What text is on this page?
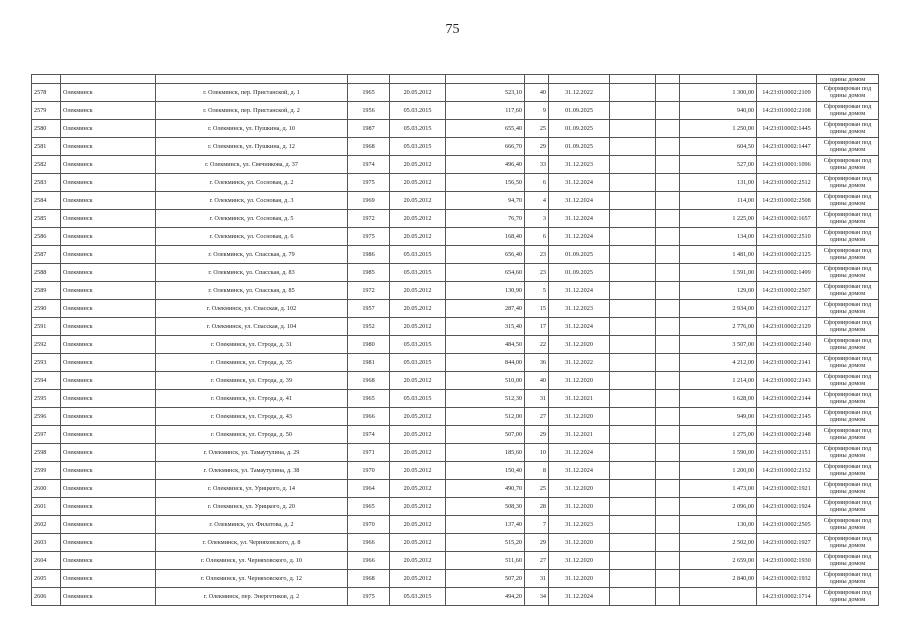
75
												одины домом
2578	Олекминск	г. Олекминск, пер. Пристанской, д. 1	1965	20.05.2012	523,10	40	31.12.2022			1 300,00	14:23:010002:2109	Сформирован под одины домом
2579	Олекминск	г. Олекминск, пер. Пристанской, д. 2	1956	05.03.2015	117,60	9	01.09.2025			940,00	14:23:010002:2108	Сформирован под одины домом
2580	Олекминск	г. Олекминск, ул. Пушкина, д. 10	1987	05.03.2015	655,40	25	01.09.2025			1 250,00	14:23:010002:1445	Сформирован под одины домом
2581	Олекминск	г. Олекминск, ул. Пушкина, д. 12	1968	05.03.2015	666,70	29	01.09.2025			604,50	14:23:010002:1447	Сформирован под одины домом
2582	Олекминск	г. Олекминск, ул. Свечникова, д. 37	1974	20.05.2012	496,40	33	31.12.2023			527,00	14:23:010001:1096	Сформирован под одины домом
2583	Олекминск	г. Олекминск, ул. Сосновая, д. 2	1975	20.05.2012	156,50	6	31.12.2024			131,00	14:23:010002:2512	Сформирован под одины домом
2584	Олекминск	г. Олекминск, ул. Сосновая, д. 3	1969	20.05.2012	94,70	4	31.12.2024			114,00	14:23:010002:2508	Сформирован под одины домом
2585	Олекминск	г. Олекминск, ул. Сосновая, д. 5	1972	20.05.2012	76,70	3	31.12.2024			1 225,00	14:23:010002:1657	Сформирован под одины домом
2586	Олекминск	г. Олекминск, ул. Сосновая, д. 6	1975	20.05.2012	168,40	6	31.12.2024			134,00	14:23:010002:2510	Сформирован под одины домом
2587	Олекминск	г. Олекминск, ул. Спасская, д. 79	1986	05.03.2015	656,40	23	01.09.2025			1 481,00	14:23:010002:2125	Сформирован под одины домом
2588	Олекминск	г. Олекминск, ул. Спасская, д. 83	1985	05.03.2015	654,60	23	01.09.2025			1 591,00	14:23:010002:1499	Сформирован под одины домом
2589	Олекминск	г. Олекминск, ул. Спасская, д. 85	1972	20.05.2012	130,90	5	31.12.2024			129,00	14:23:010002:2507	Сформирован под одины домом
2590	Олекминск	г. Олекминск, ул. Спасская, д. 102	1957	20.05.2012	287,40	15	31.12.2023			2 934,00	14:23:010002:2127	Сформирован под одины домом
2591	Олекминск	г. Олекминск, ул. Спасская, д. 104	1952	20.05.2012	315,40	17	31.12.2024			2 776,00	14:23:010002:2129	Сформирован под одины домом
2592	Олекминск	г. Олекминск, ул. Строда, д. 31	1980	05.03.2015	484,50	22	31.12.2020			3 507,00	14:23:010002:2140	Сформирован под одины домом
2593	Олекминск	г. Олекминск, ул. Строда, д. 35	1981	05.03.2015	844,00	36	31.12.2022			4 212,00	14:23:010002:2141	Сформирован под одины домом
2594	Олекминск	г. Олекминск, ул. Строда, д. 39	1968	20.05.2012	510,00	40	31.12.2020			1 214,00	14:23:010002:2143	Сформирован под одины домом
2595	Олекминск	г. Олекминск, ул. Строда, д. 41	1965	05.03.2015	512,30	31	31.12.2021			1 628,00	14:23:010002:2144	Сформирован под одины домом
2596	Олекминск	г. Олекминск, ул. Строда, д. 43	1966	20.05.2012	512,00	27	31.12.2020			949,00	14:23:010002:2145	Сформирован под одины домом
2597	Олекминск	г. Олекминск, ул. Строда, д. 50	1974	20.05.2012	507,00	29	31.12.2021			1 275,00	14:23:010002:2148	Сформирован под одины домом
2598	Олекминск	г. Олекминск, ул. Тамаутулина, д. 29	1971	20.05.2012	185,60	10	31.12.2024			1 590,00	14:23:010002:2151	Сформирован под одины домом
2599	Олекминск	г. Олекминск, ул. Тамаутулина, д. 38	1970	20.05.2012	150,40	8	31.12.2024			1 200,00	14:23:010002:2152	Сформирован под одины домом
2600	Олекминск	г. Олекминск, ул. Урицкого, д. 14	1964	20.05.2012	490,70	25	31.12.2020			1 473,00	14:23:010002:1921	Сформирован под одины домом
2601	Олекминск	г. Олекминск, ул. Урицкого, д. 20	1965	20.05.2012	508,30	28	31.12.2020			2 096,00	14:23:010002:1924	Сформирован под одины домом
2602	Олекминск	г. Олекминск, ул. Филатова, д. 2	1970	20.05.2012	137,40	7	31.12.2023			130,00	14:23:010002:2505	Сформирован под одины домом
2603	Олекминск	г. Олекминск, ул. Черняховского, д. 8	1966	20.05.2012	515,20	29	31.12.2020			2 502,00	14:23:010002:1927	Сформирован под одины домом
2604	Олекминск	г. Олекминск, ул. Черняховского, д. 10	1966	20.05.2012	511,60	27	31.12.2020			2 659,00	14:23:010002:1930	Сформирован под одины домом
2605	Олекминск	г. Олекминск, ул. Черняховского, д. 12	1968	20.05.2012	507,20	31	31.12.2020			2 840,00	14:23:010002:1932	Сформирован под одины домом
2606	Олекминск	г. Олекминск, пер. Энергетиков, д. 2	1975	05.03.2015	494,20	34	31.12.2024				14:23:010002:1714	Сформирован под одины домом
